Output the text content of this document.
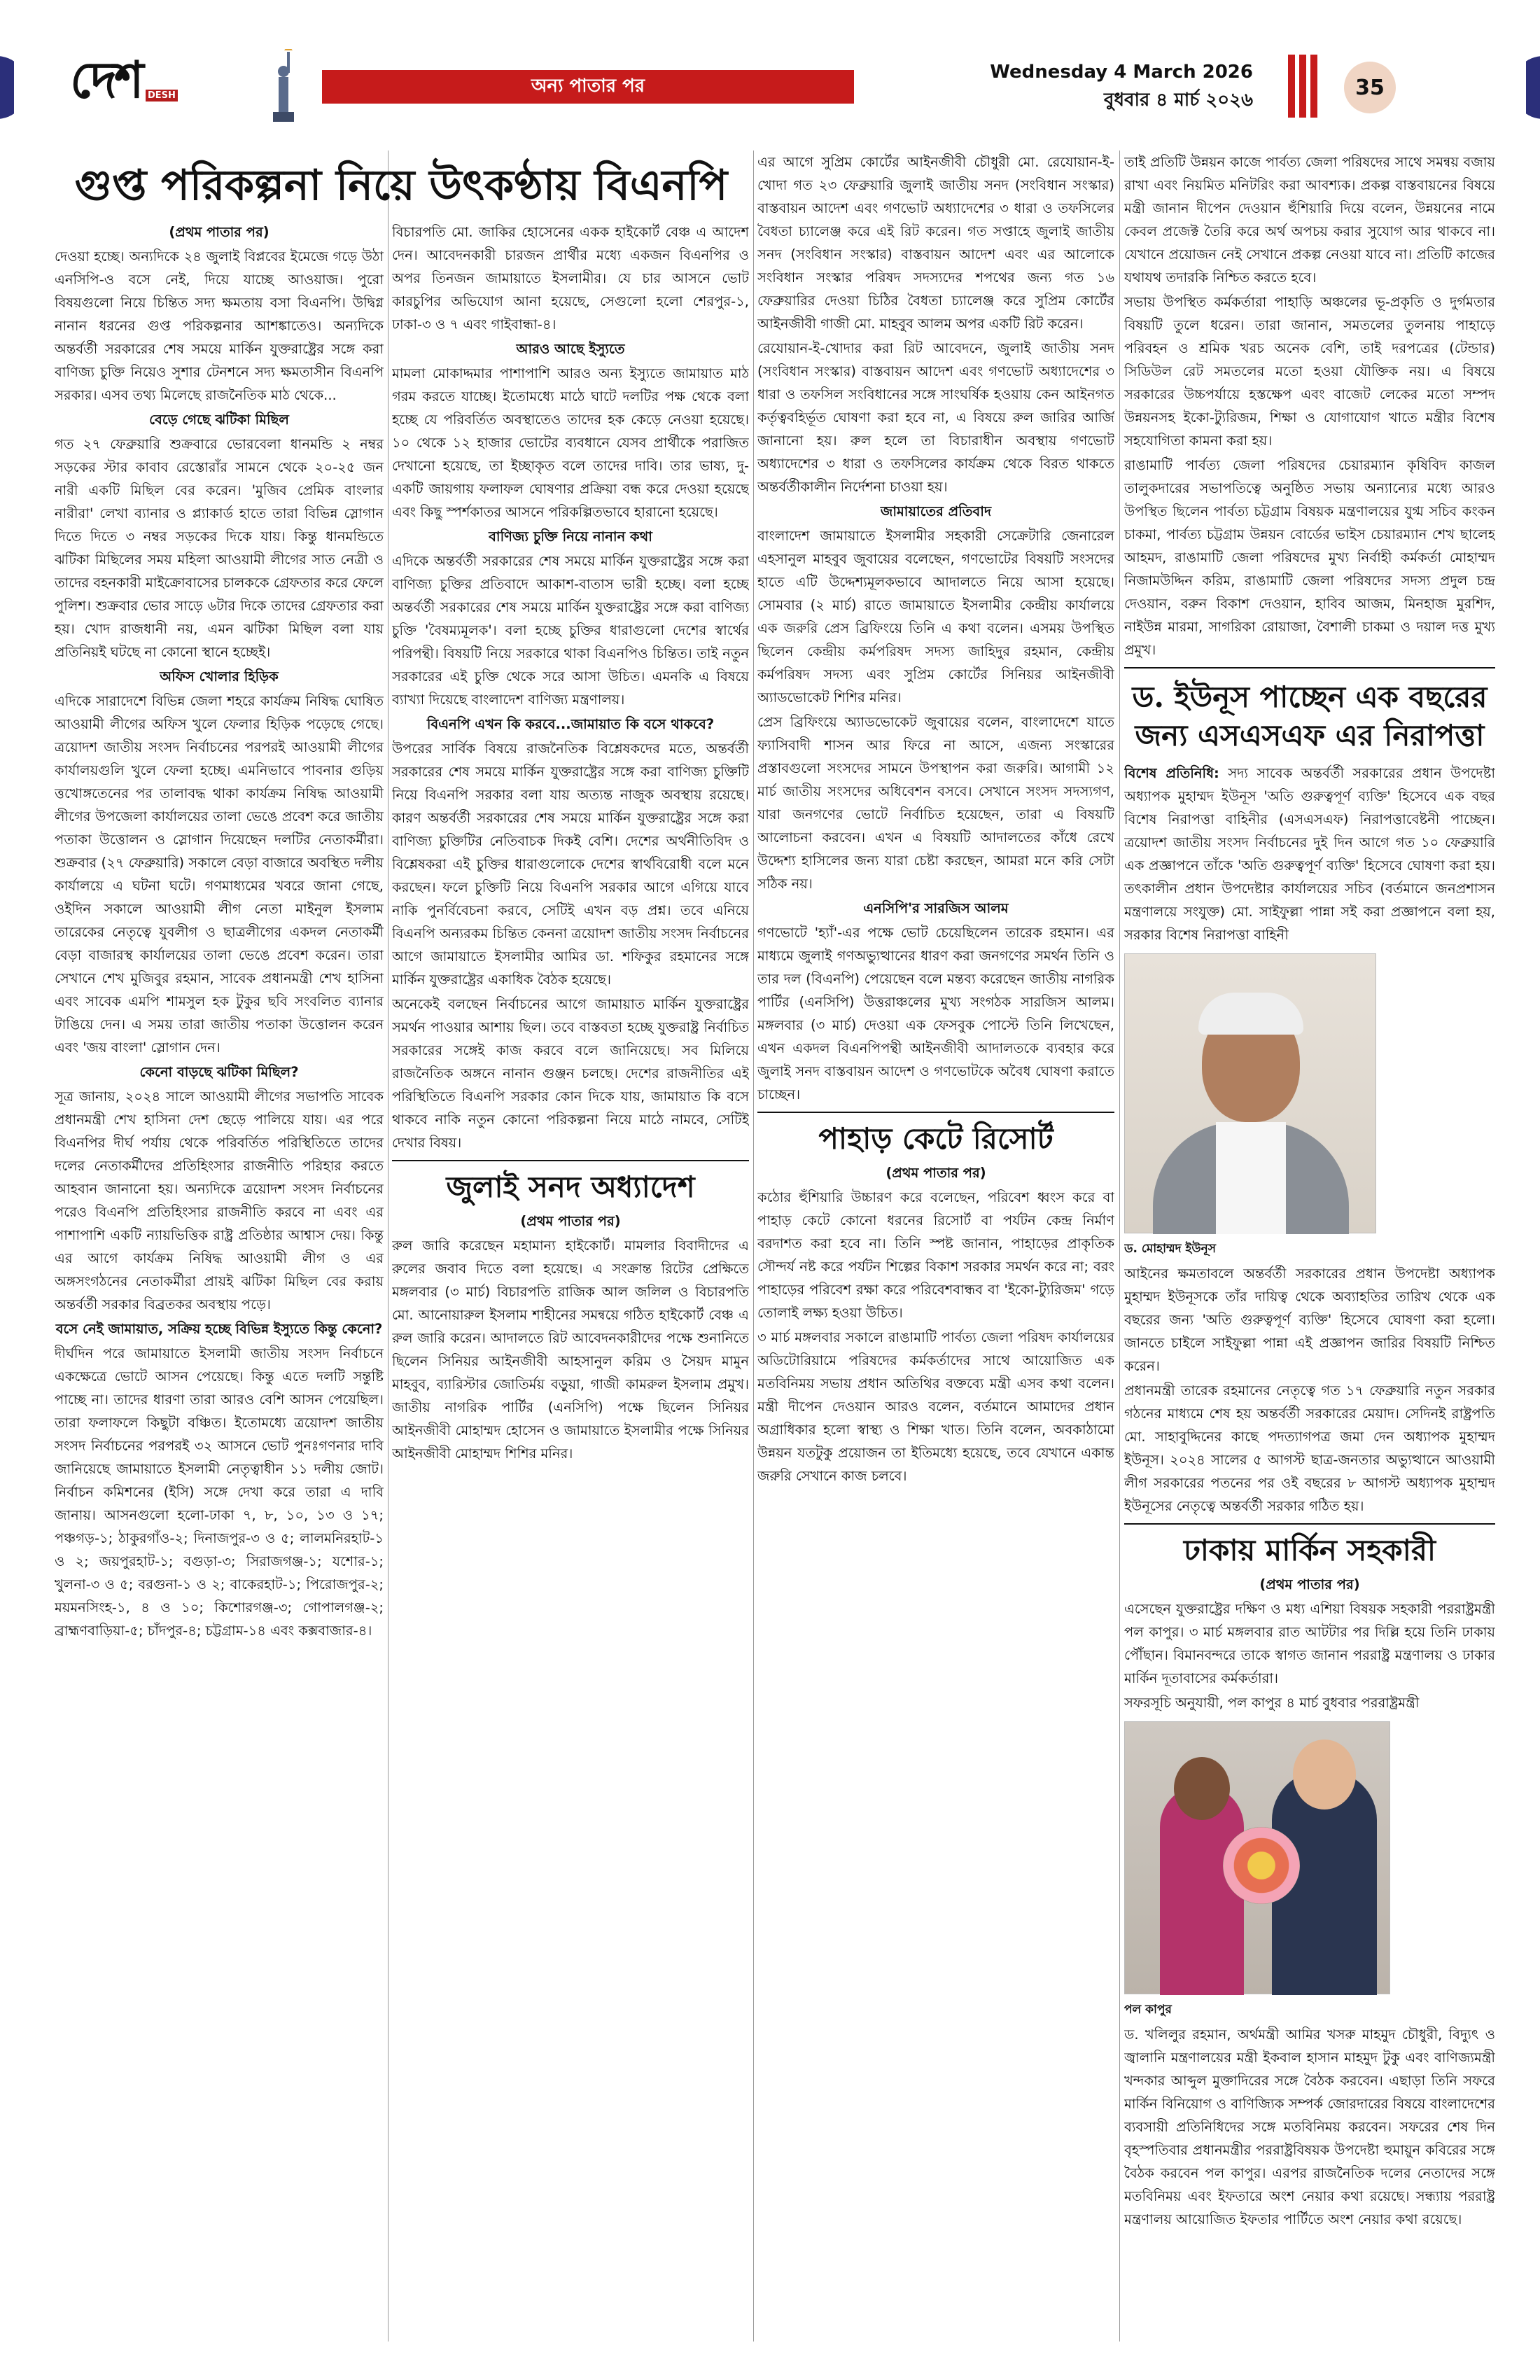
দেশ DESH	অন্য পাতার পর
Wednesday 4 March 2026
বুধবার ৪ মার্চ ২০২৬
35
গুপ্ত পরিকল্পনা নিয়ে উৎকণ্ঠায় বিএনপি

(প্রথম পাতার পর)

দেওয়া হচ্ছে। অন্যদিকে ২৪ জুলাই বিপ্লবের ইমেজে গড়ে উঠা এনসিপি-ও বসে নেই, দিয়ে যাচ্ছে আওয়াজ। পুরো বিষয়গুলো নিয়ে চিন্তিত সদ্য ক্ষমতায় বসা বিএনপি। উদ্বিগ্ন নানান ধরনের গুপ্ত পরিকল্পনার আশঙ্কাতেও। অন্যদিকে অন্তর্বর্তী সরকারের শেষ সময়ে মার্কিন যুক্তরাষ্ট্রের সঙ্গে করা বাণিজ্য চুক্তি নিয়েও সুশার টেনশনে সদ্য ক্ষমতাসীন বিএনপি সরকার। এসব তথ্য মিলেছে রাজনৈতিক মাঠ থেকে...

বেড়ে গেছে ঝটিকা মিছিল

গত ২৭ ফেব্রুয়ারি শুক্রবারে ভোরবেলা ধানমন্ডি ২ নম্বর সড়কের স্টার কাবাব রেস্তোরাঁর সামনে থেকে ২০-২৫ জন নারী একটি মিছিল বের করেন। 'মুজিব প্রেমিক বাংলার নারীরা' লেখা ব্যানার ও প্ল্যাকার্ড হাতে তারা বিভিন্ন স্লোগান দিতে দিতে ৩ নম্বর সড়কের দিকে যায়। কিন্তু ধানমন্ডিতে ঝটিকা মিছিলের সময় মহিলা আওয়ামী লীগের সাত নেত্রী ও তাদের বহনকারী মাইক্রোবাসের চালককে গ্রেফতার করে ফেলে পুলিশ। শুক্রবার ভোর সাড়ে ৬টার দিকে তাদের গ্রেফতার করা হয়। খোদ রাজধানী নয়, এমন ঝটিকা মিছিল বলা যায় প্রতিনিয়ই ঘটছে না কোনো স্থানে হচ্ছেই।

অফিস খোলার হিড়িক

এদিকে সারাদেশে বিভিন্ন জেলা শহরে কার্যক্রম নিষিদ্ধ ঘোষিত আওয়ামী লীগের অফিস খুলে ফেলার হিড়িক পড়েছে গেছে। ত্রয়োদশ জাতীয় সংসদ নির্বাচনের পরপরই আওয়ামী লীগের কার্যালয়গুলি খুলে ফেলা হচ্ছে। এমনিভাবে পাবনার গুড়িয় ত্তখোঙ্গতেনের পর তালাবদ্ধ থাকা কার্যক্রম নিষিদ্ধ আওয়ামী লীগের উপজেলা কার্যালয়ের তালা ভেঙে প্রবেশ করে জাতীয় পতাকা উত্তোলন ও স্লোগান দিয়েছেন দলটির নেতাকর্মীরা। শুক্রবার (২৭ ফেব্রুয়ারি) সকালে বেড়া বাজারে অবস্থিত দলীয় কার্যালয়ে এ ঘটনা ঘটে। গণমাধ্যমের খবরে জানা গেছে, ওইদিন সকালে আওয়ামী লীগ নেতা মাইনুল ইসলাম তারেকের নেতৃত্বে যুবলীগ ও ছাত্রলীগের একদল নেতাকর্মী বেড়া বাজারস্থ কার্যালয়ের তালা ভেঙে প্রবেশ করেন। তারা সেখানে শেখ মুজিবুর রহমান, সাবেক প্রধানমন্ত্রী শেখ হাসিনা এবং সাবেক এমপি শামসুল হক টুকুর ছবি সংবলিত ব্যানার টাঙিয়ে দেন। এ সময় তারা জাতীয় পতাকা উত্তোলন করেন এবং 'জয় বাংলা' স্লোগান দেন।

কেনো বাড়ছে ঝটিকা মিছিল?

সূত্র জানায়, ২০২৪ সালে আওয়ামী লীগের সভাপতি সাবেক প্রধানমন্ত্রী শেখ হাসিনা দেশ ছেড়ে পালিয়ে যায়। এর পরে বিএনপির দীর্ঘ পর্যায় থেকে পরিবর্তিত পরিস্থিতিতে তাদের দলের নেতাকর্মীদের প্রতিহিংসার রাজনীতি পরিহার করতে আহবান জানানো হয়। অন্যদিকে ত্রয়োদশ সংসদ নির্বাচনের পরেও বিএনপি প্রতিহিংসার রাজনীতি করবে না এবং এর পাশাপাশি একটি ন্যায়ভিত্তিক রাষ্ট্র প্রতিষ্ঠার আশ্বাস দেয়। কিন্তু এর আগে কার্যক্রম নিষিদ্ধ আওয়ামী লীগ ও এর অঙ্গসংগঠনের নেতাকর্মীরা প্রায়ই ঝটিকা মিছিল বের করায় অন্তর্বর্তী সরকার বিব্রতকর অবস্থায় পড়ে।

বসে নেই জামায়াত, সক্রিয় হচ্ছে বিভিন্ন ইস্যুতে কিন্তু কেনো?

দীর্ঘদিন পরে জামায়াতে ইসলামী জাতীয় সংসদ নির্বাচনে একক্ষেত্রে ভোটে আসন পেয়েছে। কিন্তু এতে দলটি সন্তুষ্টি পাচ্ছে না। তাদের ধারণা তারা আরও বেশি আসন পেয়েছিল। তারা ফলাফলে কিছুটা বঞ্চিত। ইতোমধ্যে ত্রয়োদশ জাতীয় সংসদ নির্বাচনের পরপরই ৩২ আসনে ভোট পুনঃগণনার দাবি জানিয়েছে জামায়াতে ইসলামী নেতৃত্বাধীন ১১ দলীয় জোট। নির্বাচন কমিশনের (ইসি) সঙ্গে দেখা করে তারা এ দাবি জানায়। আসনগুলো হলো-ঢাকা ৭, ৮, ১০, ১৩ ও ১৭; পঞ্চগড়-১; ঠাকুরগাঁও-২; দিনাজপুর-৩ ও ৫; লালমনিরহাট-১ ও ২; জয়পুরহাট-১; বগুড়া-৩; সিরাজগঞ্জ-১; যশোর-১; খুলনা-৩ ও ৫; বরগুনা-১ ও ২; বাকেরহাট-১; পিরোজপুর-২; ময়মনসিংহ-১, ৪ ও ১০; কিশোরগঞ্জ-৩; গোপালগঞ্জ-২; ব্রাহ্মণবাড়িয়া-৫; চাঁদপুর-৪; চট্টগ্রাম-১৪ এবং কক্সবাজার-৪।

বিচারপতি মো. জাকির হোসেনের একক হাইকোর্ট বেঞ্চ এ আদেশ দেন। আবেদনকারী চারজন প্রার্থীর মধ্যে একজন বিএনপির ও অপর তিনজন জামায়াতে ইসলামীর। যে চার আসনে ভোট কারচুপির অভিযোগ আনা হয়েছে, সেগুলো হলো শেরপুর-১, ঢাকা-৩ ও ৭ এবং গাইবান্ধা-৪।

আরও আছে ইস্যুতে

মামলা মোকাদ্দমার পাশাপাশি আরও অন্য ইস্যুতে জামায়াত মাঠ গরম করতে যাচ্ছে। ইতোমধ্যে মাঠে ঘাটে দলটির পক্ষ থেকে বলা হচ্ছে যে পরিবর্তিত অবস্থাতেও তাদের হক কেড়ে নেওয়া হয়েছে। ১০ থেকে ১২ হাজার ভোটের ব্যবধানে যেসব প্রার্থীকে পরাজিত দেখানো হয়েছে, তা ইচ্ছাকৃত বলে তাদের দাবি। তার ভাষ্য, দু-একটি জায়গায় ফলাফল ঘোষণার প্রক্রিয়া বন্ধ করে দেওয়া হয়েছে এবং কিছু স্পর্শকাতর আসনে পরিকল্পিতভাবে হারানো হয়েছে।

বাণিজ্য চুক্তি নিয়ে নানান কথা

এদিকে অন্তর্বর্তী সরকারের শেষ সময়ে মার্কিন যুক্তরাষ্ট্রের সঙ্গে করা বাণিজ্য চুক্তির প্রতিবাদে আকাশ-বাতাস ভারী হচ্ছে। বলা হচ্ছে অন্তর্বর্তী সরকারের শেষ সময়ে মার্কিন যুক্তরাষ্ট্রের সঙ্গে করা বাণিজ্য চুক্তি 'বৈষম্যমূলক'। বলা হচ্ছে চুক্তির ধারাগুলো দেশের স্বার্থের পরিপন্থী। বিষয়টি নিয়ে সরকারে থাকা বিএনপিও চিন্তিত। তাই নতুন সরকারের এই চুক্তি থেকে সরে আসা উচিত। এমনকি এ বিষয়ে ব্যাখ্যা দিয়েছে বাংলাদেশ বাণিজ্য মন্ত্রণালয়।

বিএনপি এখন কি করবে...জামায়াত কি বসে থাকবে?

উপরের সার্বিক বিষয়ে রাজনৈতিক বিশ্লেষকদের মতে, অন্তর্বর্তী সরকারের শেষ সময়ে মার্কিন যুক্তরাষ্ট্রের সঙ্গে করা বাণিজ্য চুক্তিটি নিয়ে বিএনপি সরকার বলা যায় অত্যন্ত নাজুক অবস্থায় রয়েছে। কারণ অন্তর্বর্তী সরকারের শেষ সময়ে মার্কিন যুক্তরাষ্ট্রের সঙ্গে করা বাণিজ্য চুক্তিটির নেতিবাচক দিকই বেশি। দেশের অর্থনীতিবিদ ও বিশ্লেষকরা এই চুক্তির ধারাগুলোকে দেশের স্বার্থবিরোধী বলে মনে করছেন। ফলে চুক্তিটি নিয়ে বিএনপি সরকার আগে এগিয়ে যাবে নাকি পুনর্বিবেচনা করবে, সেটিই এখন বড় প্রশ্ন। তবে এনিয়ে বিএনপি অন্যরকম চিন্তিত কেননা ত্রয়োদশ জাতীয় সংসদ নির্বাচনের আগে জামায়াতে ইসলামীর আমির ডা. শফিকুর রহমানের সঙ্গে মার্কিন যুক্তরাষ্ট্রের একাধিক বৈঠক হয়েছে।

অনেকেই বলছেন নির্বাচনের আগে জামায়াত মার্কিন যুক্তরাষ্ট্রের সমর্থন পাওয়ার আশায় ছিল। তবে বাস্তবতা হচ্ছে যুক্তরাষ্ট্র নির্বাচিত সরকারের সঙ্গেই কাজ করবে বলে জানিয়েছে। সব মিলিয়ে রাজনৈতিক অঙ্গনে নানান গুঞ্জন চলছে। দেশের রাজনীতির এই পরিস্থিতিতে বিএনপি সরকার কোন দিকে যায়, জামায়াত কি বসে থাকবে নাকি নতুন কোনো পরিকল্পনা নিয়ে মাঠে নামবে, সেটিই দেখার বিষয়।

জুলাই সনদ অধ্যাদেশ

(প্রথম পাতার পর)

রুল জারি করেছেন মহামান্য হাইকোর্ট। মামলার বিবাদীদের এ রুলের জবাব দিতে বলা হয়েছে। এ সংক্রান্ত রিটের প্রেক্ষিতে মঙ্গলবার (৩ মার্চ) বিচারপতি রাজিক আল জলিল ও বিচারপতি মো. আনোয়ারুল ইসলাম শাহীনের সমন্বয়ে গঠিত হাইকোর্ট বেঞ্চ এ রুল জারি করেন। আদালতে রিট আবেদনকারীদের পক্ষে শুনানিতে ছিলেন সিনিয়র আইনজীবী আহসানুল করিম ও সৈয়দ মামুন মাহবুব, ব্যারিস্টার জোতির্ময় বড়ুয়া, গাজী কামরুল ইসলাম প্রমুখ। জাতীয় নাগরিক পার্টির (এনসিপি) পক্ষে ছিলেন সিনিয়র আইনজীবী মোহাম্মদ হোসেন ও জামায়াতে ইসলামীর পক্ষে সিনিয়র আইনজীবী মোহাম্মদ শিশির মনির।

এর আগে সুপ্রিম কোর্টের আইনজীবী চৌধুরী মো. রেযোয়ান-ই-খোদা গত ২৩ ফেব্রুয়ারি জুলাই জাতীয় সনদ (সংবিধান সংস্কার) বাস্তবায়ন আদেশ এবং গণভোট অধ্যাদেশের ৩ ধারা ও তফসিলের বৈধতা চ্যালেঞ্জ করে এই রিট করেন। গত সপ্তাহে জুলাই জাতীয় সনদ (সংবিধান সংস্কার) বাস্তবায়ন আদেশ এবং এর আলোকে সংবিধান সংস্কার পরিষদ সদস্যদের শপথের জন্য গত ১৬ ফেব্রুয়ারির দেওয়া চিঠির বৈধতা চ্যালেঞ্জ করে সুপ্রিম কোর্টের আইনজীবী গাজী মো. মাহবুব আলম অপর একটি রিট করেন।

রেযোয়ান-ই-খোদার করা রিট আবেদনে, জুলাই জাতীয় সনদ (সংবিধান সংস্কার) বাস্তবায়ন আদেশ এবং গণভোট অধ্যাদেশের ৩ ধারা ও তফসিল সংবিধানের সঙ্গে সাংঘর্ষিক হওয়ায় কেন আইনগত কর্তৃত্ববহির্ভূত ঘোষণা করা হবে না, এ বিষয়ে রুল জারির আর্জি জানানো হয়। রুল হলে তা বিচারাধীন অবস্থায় গণভোট অধ্যাদেশের ৩ ধারা ও তফসিলের কার্যক্রম থেকে বিরত থাকতে অন্তর্বর্তীকালীন নির্দেশনা চাওয়া হয়।

জামায়াতের প্রতিবাদ

বাংলাদেশ জামায়াতে ইসলামীর সহকারী সেক্রেটারি জেনারেল এহসানুল মাহবুব জুবায়ের বলেছেন, গণভোটের বিষয়টি সংসদের হাতে এটি উদ্দেশ্যমূলকভাবে আদালতে নিয়ে আসা হয়েছে। সোমবার (২ মার্চ) রাতে জামায়াতে ইসলামীর কেন্দ্রীয় কার্যালয়ে এক জরুরি প্রেস ব্রিফিংয়ে তিনি এ কথা বলেন। এসময় উপস্থিত ছিলেন কেন্দ্রীয় কর্মপরিষদ সদস্য জাহিদুর রহমান, কেন্দ্রীয় কর্মপরিষদ সদস্য এবং সুপ্রিম কোর্টের সিনিয়র আইনজীবী অ্যাডভোকেট শিশির মনির।

প্রেস ব্রিফিংয়ে অ্যাডভোকেট জুবায়ের বলেন, বাংলাদেশে যাতে ফ্যাসিবাদী শাসন আর ফিরে না আসে, এজন্য সংস্কারের প্রস্তাবগুলো সংসদের সামনে উপস্থাপন করা জরুরি। আগামী ১২ মার্চ জাতীয় সংসদের অধিবেশন বসবে। সেখানে সংসদ সদস্যগণ, যারা জনগণের ভোটে নির্বাচিত হয়েছেন, তারা এ বিষয়টি আলোচনা করবেন। এখন এ বিষয়টি আদালতের কাঁধে রেখে উদ্দেশ্য হাসিলের জন্য যারা চেষ্টা করছেন, আমরা মনে করি সেটা সঠিক নয়।

এনসিপি'র সারজিস আলম

গণভোটে 'হ্যাঁ'-এর পক্ষে ভোট চেয়েছিলেন তারেক রহমান। এর মাধ্যমে জুলাই গণঅভ্যুত্থানের ধারণ করা জনগণের সমর্থন তিনি ও তার দল (বিএনপি) পেয়েছেন বলে মন্তব্য করেছেন জাতীয় নাগরিক পার্টির (এনসিপি) উত্তরাঞ্চলের মুখ্য সংগঠক সারজিস আলম। মঙ্গলবার (৩ মার্চ) দেওয়া এক ফেসবুক পোস্টে তিনি লিখেছেন, এখন একদল বিএনপিপন্থী আইনজীবী আদালতকে ব্যবহার করে জুলাই সনদ বাস্তবায়ন আদেশ ও গণভোটকে অবৈধ ঘোষণা করাতে চাচ্ছেন।

পাহাড় কেটে রিসোর্ট

(প্রথম পাতার পর)

কঠোর হুঁশিয়ারি উচ্চারণ করে বলেছেন, পরিবেশ ধ্বংস করে বা পাহাড় কেটে কোনো ধরনের রিসোর্ট বা পর্যটন কেন্দ্র নির্মাণ বরদাশত করা হবে না। তিনি স্পষ্ট জানান, পাহাড়ের প্রাকৃতিক সৌন্দর্য নষ্ট করে পর্যটন শিল্পের বিকাশ সরকার সমর্থন করে না; বরং পাহাড়ের পরিবেশ রক্ষা করে পরিবেশবান্ধব বা 'ইকো-ট্যুরিজম' গড়ে তোলাই লক্ষ্য হওয়া উচিত।

৩ মার্চ মঙ্গলবার সকালে রাঙামাটি পার্বত্য জেলা পরিষদ কার্যালয়ের অডিটোরিয়ামে পরিষদের কর্মকর্তাদের সাথে আয়োজিত এক মতবিনিময় সভায় প্রধান অতিথির বক্তব্যে মন্ত্রী এসব কথা বলেন। মন্ত্রী দীপেন দেওয়ান আরও বলেন, বর্তমানে আমাদের প্রধান অগ্রাধিকার হলো স্বাস্থ্য ও শিক্ষা খাত। তিনি বলেন, অবকাঠামো উন্নয়ন যতটুকু প্রয়োজন তা ইতিমধ্যে হয়েছে, তবে যেখানে একান্ত জরুরি সেখানে কাজ চলবে।

তাই প্রতিটি উন্নয়ন কাজে পার্বত্য জেলা পরিষদের সাথে সমন্বয় বজায় রাখা এবং নিয়মিত মনিটরিং করা আবশ্যক। প্রকল্প বাস্তবায়নের বিষয়ে মন্ত্রী জানান দীপেন দেওয়ান হুঁশিয়ারি দিয়ে বলেন, উন্নয়নের নামে কেবল প্রজেক্ট তৈরি করে অর্থ অপচয় করার সুযোগ আর থাকবে না। যেখানে প্রয়োজন নেই সেখানে প্রকল্প নেওয়া যাবে না। প্রতিটি কাজের যথাযথ তদারকি নিশ্চিত করতে হবে।

সভায় উপস্থিত কর্মকর্তারা পাহাড়ি অঞ্চলের ভূ-প্রকৃতি ও দুর্গমতার বিষয়টি তুলে ধরেন। তারা জানান, সমতলের তুলনায় পাহাড়ে পরিবহন ও শ্রমিক খরচ অনেক বেশি, তাই দরপত্রের (টেন্ডার) সিডিউল রেট সমতলের মতো হওয়া যৌক্তিক নয়। এ বিষয়ে সরকারের উচ্চপর্যায়ে হস্তক্ষেপ এবং বাজেট লেকের মতো সম্পদ উন্নয়নসহ ইকো-ট্যুরিজম, শিক্ষা ও যোগাযোগ খাতে মন্ত্রীর বিশেষ সহযোগিতা কামনা করা হয়।

রাঙামাটি পার্বত্য জেলা পরিষদের চেয়ারম্যান কৃষিবিদ কাজল তালুকদারের সভাপতিত্বে অনুষ্ঠিত সভায় অন্যান্যের মধ্যে আরও উপস্থিত ছিলেন পার্বত্য চট্টগ্রাম বিষয়ক মন্ত্রণালয়ের যুগ্ম সচিব কংকন চাকমা, পার্বত্য চট্টগ্রাম উন্নয়ন বোর্ডের ভাইস চেয়ারম্যান শেখ ছালেহ আহমদ, রাঙামাটি জেলা পরিষদের মুখ্য নির্বাহী কর্মকর্তা মোহাম্মদ নিজামউদ্দিন করিম, রাঙামাটি জেলা পরিষদের সদস্য প্রদুল চন্দ্র দেওয়ান, বরুন বিকাশ দেওয়ান, হাবিব আজম, মিনহাজ মুরশিদ, নাইউন্ন মারমা, সাগরিকা রোয়াজা, বৈশালী চাকমা ও দয়াল দত্ত মুখ্য প্রমুখ।

ড. ইউনূস পাচ্ছেন এক বছরের জন্য এসএসএফ এর নিরাপত্তা

বিশেষ প্রতিনিধি: সদ্য সাবেক অন্তর্বর্তী সরকারের প্রধান উপদেষ্টা অধ্যাপক মুহাম্মদ ইউনূস 'অতি গুরুত্বপূর্ণ ব্যক্তি' হিসেবে এক বছর বিশেষ নিরাপত্তা বাহিনীর (এসএসএফ) নিরাপত্তাবেষ্টনী পাচ্ছেন। ত্রয়োদশ জাতীয় সংসদ নির্বাচনের দুই দিন আগে গত ১০ ফেব্রুয়ারি এক প্রজ্ঞাপনে তাঁকে 'অতি গুরুত্বপূর্ণ ব্যক্তি' হিসেবে ঘোষণা করা হয়। তৎকালীন প্রধান উপদেষ্টার কার্যালয়ের সচিব (বর্তমানে জনপ্রশাসন মন্ত্রণালয়ে সংযুক্ত) মো. সাইফুল্লা পান্না সই করা প্রজ্ঞাপনে বলা হয়, সরকার বিশেষ নিরাপত্তা বাহিনী

ড. মোহাম্মদ ইউনূস

আইনের ক্ষমতাবলে অন্তর্বর্তী সরকারের প্রধান উপদেষ্টা অধ্যাপক মুহাম্মদ ইউনূসকে তাঁর দায়িত্ব থেকে অব্যাহতির তারিখ থেকে এক বছরের জন্য 'অতি গুরুত্বপূর্ণ ব্যক্তি' হিসেবে ঘোষণা করা হলো। জানতে চাইলে সাইফুল্লা পান্না এই প্রজ্ঞাপন জারির বিষয়টি নিশ্চিত করেন।

প্রধানমন্ত্রী তারেক রহমানের নেতৃত্বে গত ১৭ ফেব্রুয়ারি নতুন সরকার গঠনের মাধ্যমে শেষ হয় অন্তর্বর্তী সরকারের মেয়াদ। সেদিনই রাষ্ট্রপতি মো. সাহাবুদ্দিনের কাছে পদত্যাগপত্র জমা দেন অধ্যাপক মুহাম্মদ ইউনূস। ২০২৪ সালের ৫ আগস্ট ছাত্র-জনতার অভ্যুত্থানে আওয়ামী লীগ সরকারের পতনের পর ওই বছরের ৮ আগস্ট অধ্যাপক মুহাম্মদ ইউনূসের নেতৃত্বে অন্তর্বর্তী সরকার গঠিত হয়।

ঢাকায় মার্কিন সহকারী

(প্রথম পাতার পর)

এসেছেন যুক্তরাষ্ট্রের দক্ষিণ ও মধ্য এশিয়া বিষয়ক সহকারী পররাষ্ট্রমন্ত্রী পল কাপুর। ৩ মার্চ মঙ্গলবার রাত আটটার পর দিল্লি হয়ে তিনি ঢাকায় পৌঁছান। বিমানবন্দরে তাকে স্বাগত জানান পররাষ্ট্র মন্ত্রণালয় ও ঢাকার মার্কিন দূতাবাসের কর্মকর্তারা।

সফরসূচি অনুযায়ী, পল কাপুর ৪ মার্চ বুধবার পররাষ্ট্রমন্ত্রী

পল কাপুর

ড. খলিলুর রহমান, অর্থমন্ত্রী আমির খসরু মাহমুদ চৌধুরী, বিদ্যুৎ ও জ্বালানি মন্ত্রণালয়ের মন্ত্রী ইকবাল হাসান মাহমুদ টুকু এবং বাণিজ্যমন্ত্রী খন্দকার আব্দুল মুক্তাদিরের সঙ্গে বৈঠক করবেন। এছাড়া তিনি সফরে মার্কিন বিনিয়োগ ও বাণিজ্যিক সম্পর্ক জোরদারের বিষয়ে বাংলাদেশের ব্যবসায়ী প্রতিনিধিদের সঙ্গে মতবিনিময় করবেন। সফরের শেষ দিন বৃহস্পতিবার প্রধানমন্ত্রীর পররাষ্ট্রবিষয়ক উপদেষ্টা হুমায়ুন কবিরের সঙ্গে বৈঠক করবেন পল কাপুর। এরপর রাজনৈতিক দলের নেতাদের সঙ্গে মতবিনিময় এবং ইফতারে অংশ নেয়ার কথা রয়েছে। সন্ধ্যায় পররাষ্ট্র মন্ত্রণালয় আয়োজিত ইফতার পার্টিতে অংশ নেয়ার কথা রয়েছে।
